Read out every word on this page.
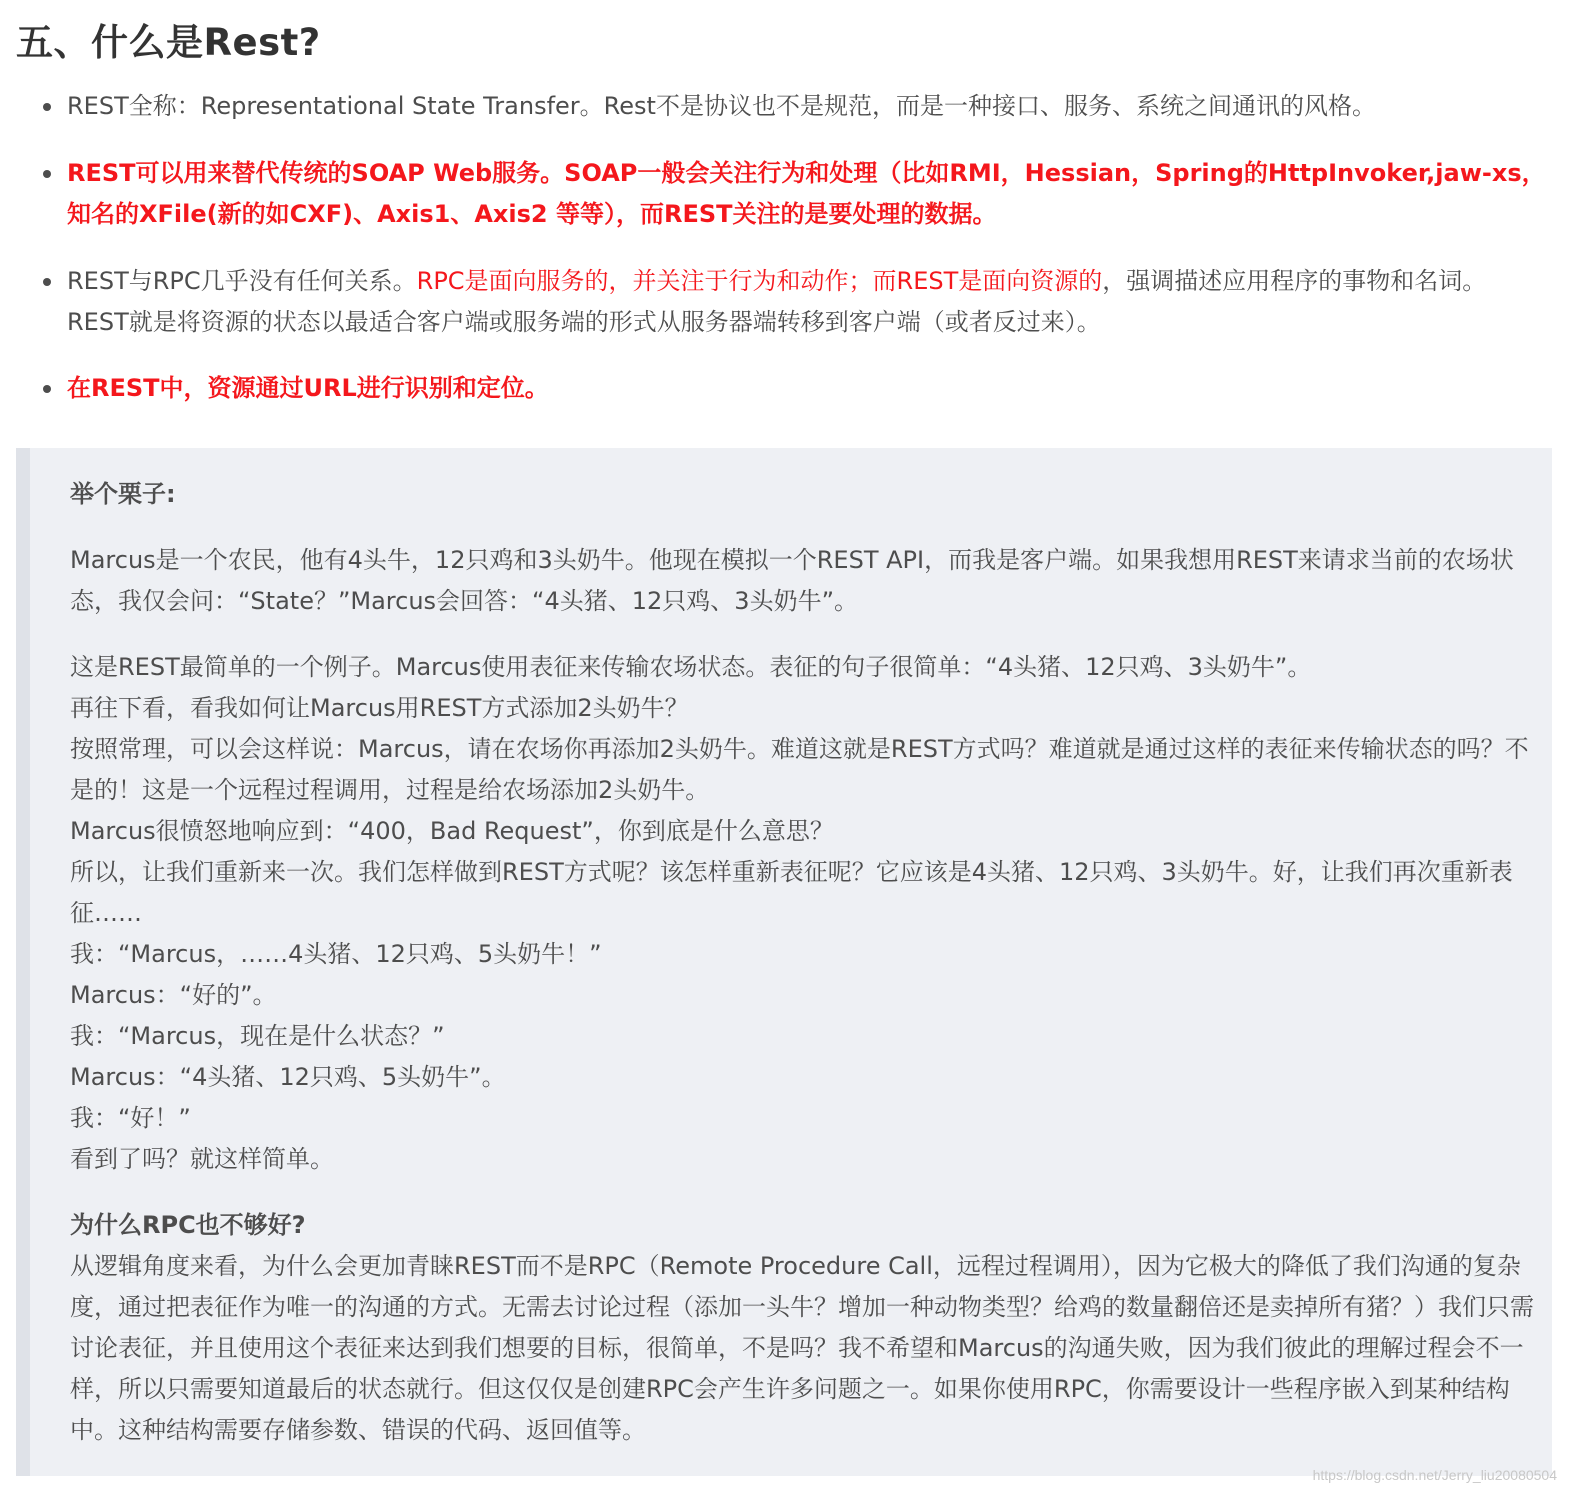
五、什么是Rest?
REST全称：Representational State Transfer。Rest不是协议也不是规范，而是一种接口、服务、系统之间通讯的风格。
REST可以用来替代传统的SOAP Web服务。SOAP一般会关注行为和处理（比如RMI，Hessian，Spring的HttpInvoker,jaw-xs，知名的XFile(新的如CXF)、Axis1、Axis2 等等），而REST关注的是要处理的数据。
REST与RPC几乎没有任何关系。RPC是面向服务的，并关注于行为和动作；而REST是面向资源的，强调描述应用程序的事物和名词。REST就是将资源的状态以最适合客户端或服务端的形式从服务器端转移到客户端（或者反过来）。
在REST中，资源通过URL进行识别和定位。
举个栗子:
Marcus是一个农民，他有4头牛，12只鸡和3头奶牛。他现在模拟一个REST API，而我是客户端。如果我想用REST来请求当前的农场状态，我仅会问：“State？”Marcus会回答：“4头猪、12只鸡、3头奶牛”。
这是REST最简单的一个例子。Marcus使用表征来传输农场状态。表征的句子很简单：“4头猪、12只鸡、3头奶牛”。
再往下看，看我如何让Marcus用REST方式添加2头奶牛？
按照常理，可以会这样说：Marcus，请在农场你再添加2头奶牛。难道这就是REST方式吗？难道就是通过这样的表征来传输状态的吗？不是的！这是一个远程过程调用，过程是给农场添加2头奶牛。
Marcus很愤怒地响应到：“400，Bad Request”，你到底是什么意思？
所以，让我们重新来一次。我们怎样做到REST方式呢？该怎样重新表征呢？它应该是4头猪、12只鸡、3头奶牛。好，让我们再次重新表征……
我：“Marcus，……4头猪、12只鸡、5头奶牛！”
Marcus：“好的”。
我：“Marcus，现在是什么状态？”
Marcus：“4头猪、12只鸡、5头奶牛”。
我：“好！”
看到了吗？就这样简单。
为什么RPC也不够好?
从逻辑角度来看，为什么会更加青睐REST而不是RPC（Remote Procedure Call，远程过程调用），因为它极大的降低了我们沟通的复杂度，通过把表征作为唯一的沟通的方式。无需去讨论过程（添加一头牛？增加一种动物类型？给鸡的数量翻倍还是卖掉所有猪？）我们只需讨论表征，并且使用这个表征来达到我们想要的目标，很简单，不是吗？我不希望和Marcus的沟通失败，因为我们彼此的理解过程会不一样，所以只需要知道最后的状态就行。但这仅仅是创建RPC会产生许多问题之一。如果你使用RPC，你需要设计一些程序嵌入到某种结构中。这种结构需要存储参数、错误的代码、返回值等。
https://blog.csdn.net/Jerry_liu20080504
